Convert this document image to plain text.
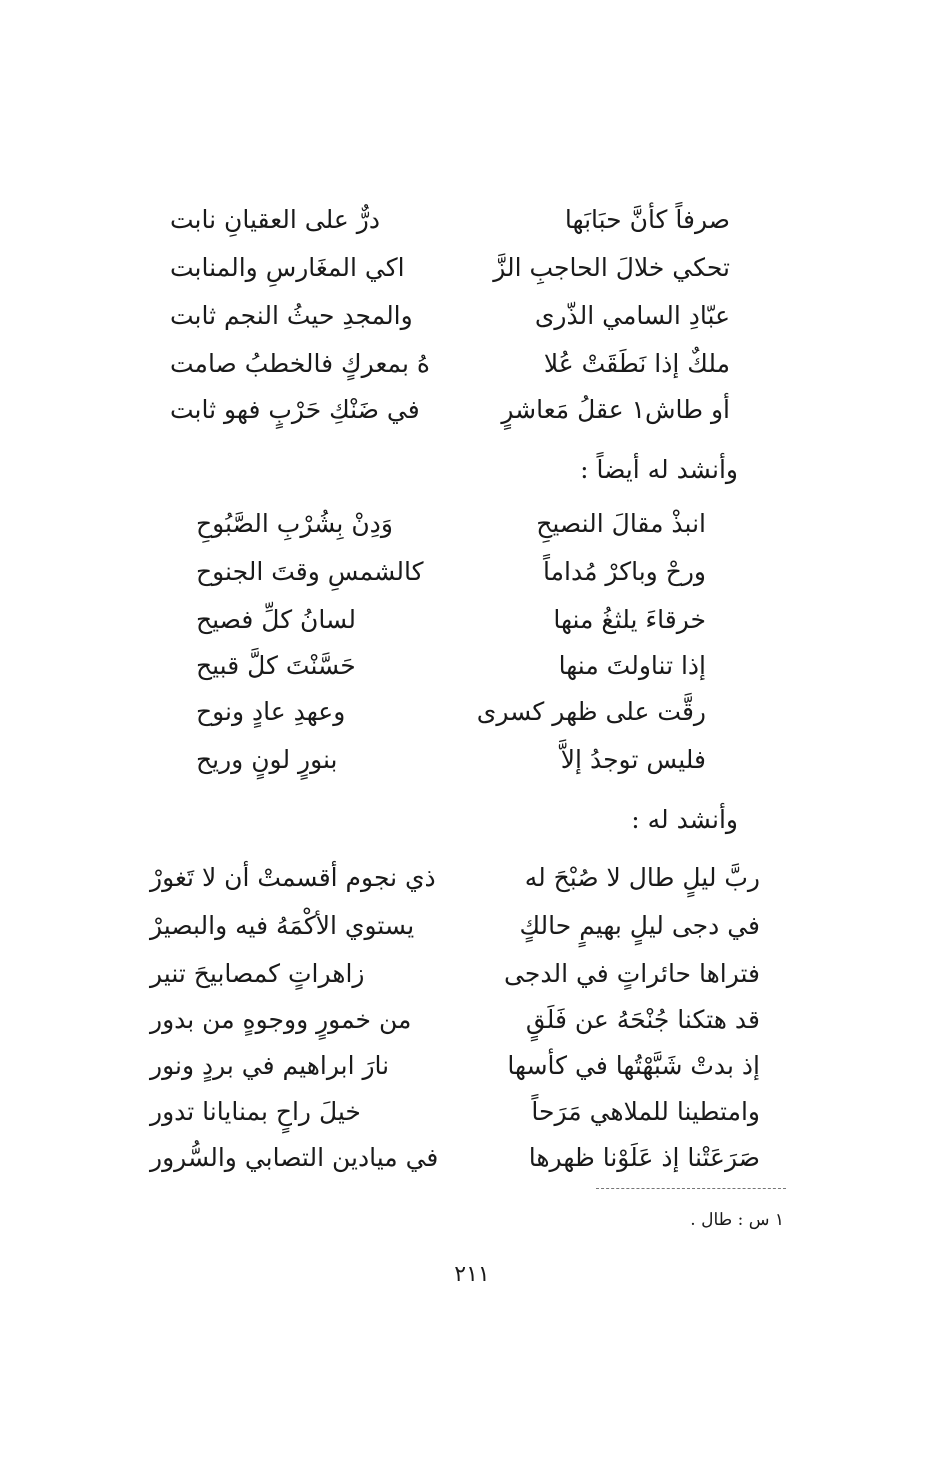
صرفاً كأنَّ حبَابَها
درٌّ على العقيانِ نابت
تحكي خلالَ الحاجبِ الزَّ
اكي المغَارسِ والمنابت
عبّادِ السامي الذّرى
والمجدِ حيثُ النجم ثابت
ملكٌ إذا نَطَقَتْ عُلا
هُ بمعركٍ فالخطبُ صامت
أو طاش١ عقلُ مَعاشرٍ
في ضَنْكِ حَرْبٍ فهو ثابت
وأنشد له أيضاً :
انبذْ مقالَ النصيحِ
وَدِنْ بِشُرْبِ الصَّبُوحِ
ورحْ وباكرْ مُداماً
كالشمسِ وقتَ الجنوح
خرقاءَ يلثغُ منها
لسانُ كلِّ فصيح
إذا تناولتَ منها
حَسَّنْتَ كلَّ قبيح
رقَّت على ظهر كسرى
وعهدِ عادٍ ونوح
فليس توجدُ إلاَّ
بنورٍ لونٍ وريح
وأنشد له :
ربَّ ليلٍ طال لا صُبْحَ له
ذي نجوم أقسمتْ أن لا تَغورْ
في دجى ليلٍ بهيمٍ حالكٍ
يستوي الأكْمَهُ فيه والبصيرْ
فتراها حائراتٍ في الدجى
زاهراتٍ كمصابيحَ تنير
قد هتكنا جُنْحَهُ عن فَلَقٍ
من خمورٍ ووجوهٍ من بدور
إذ بدتْ شَبَّهْتُها في كأسها
نارَ ابراهيم في بردٍ ونور
وامتطينا للملاهي مَرَحاً
خيلَ راحٍ بمنايانا تدور
صَرَعَتْنا إذ عَلَوْنا ظهرها
في ميادين التصابي والسُّرور
١ س : طال .
٢١١
